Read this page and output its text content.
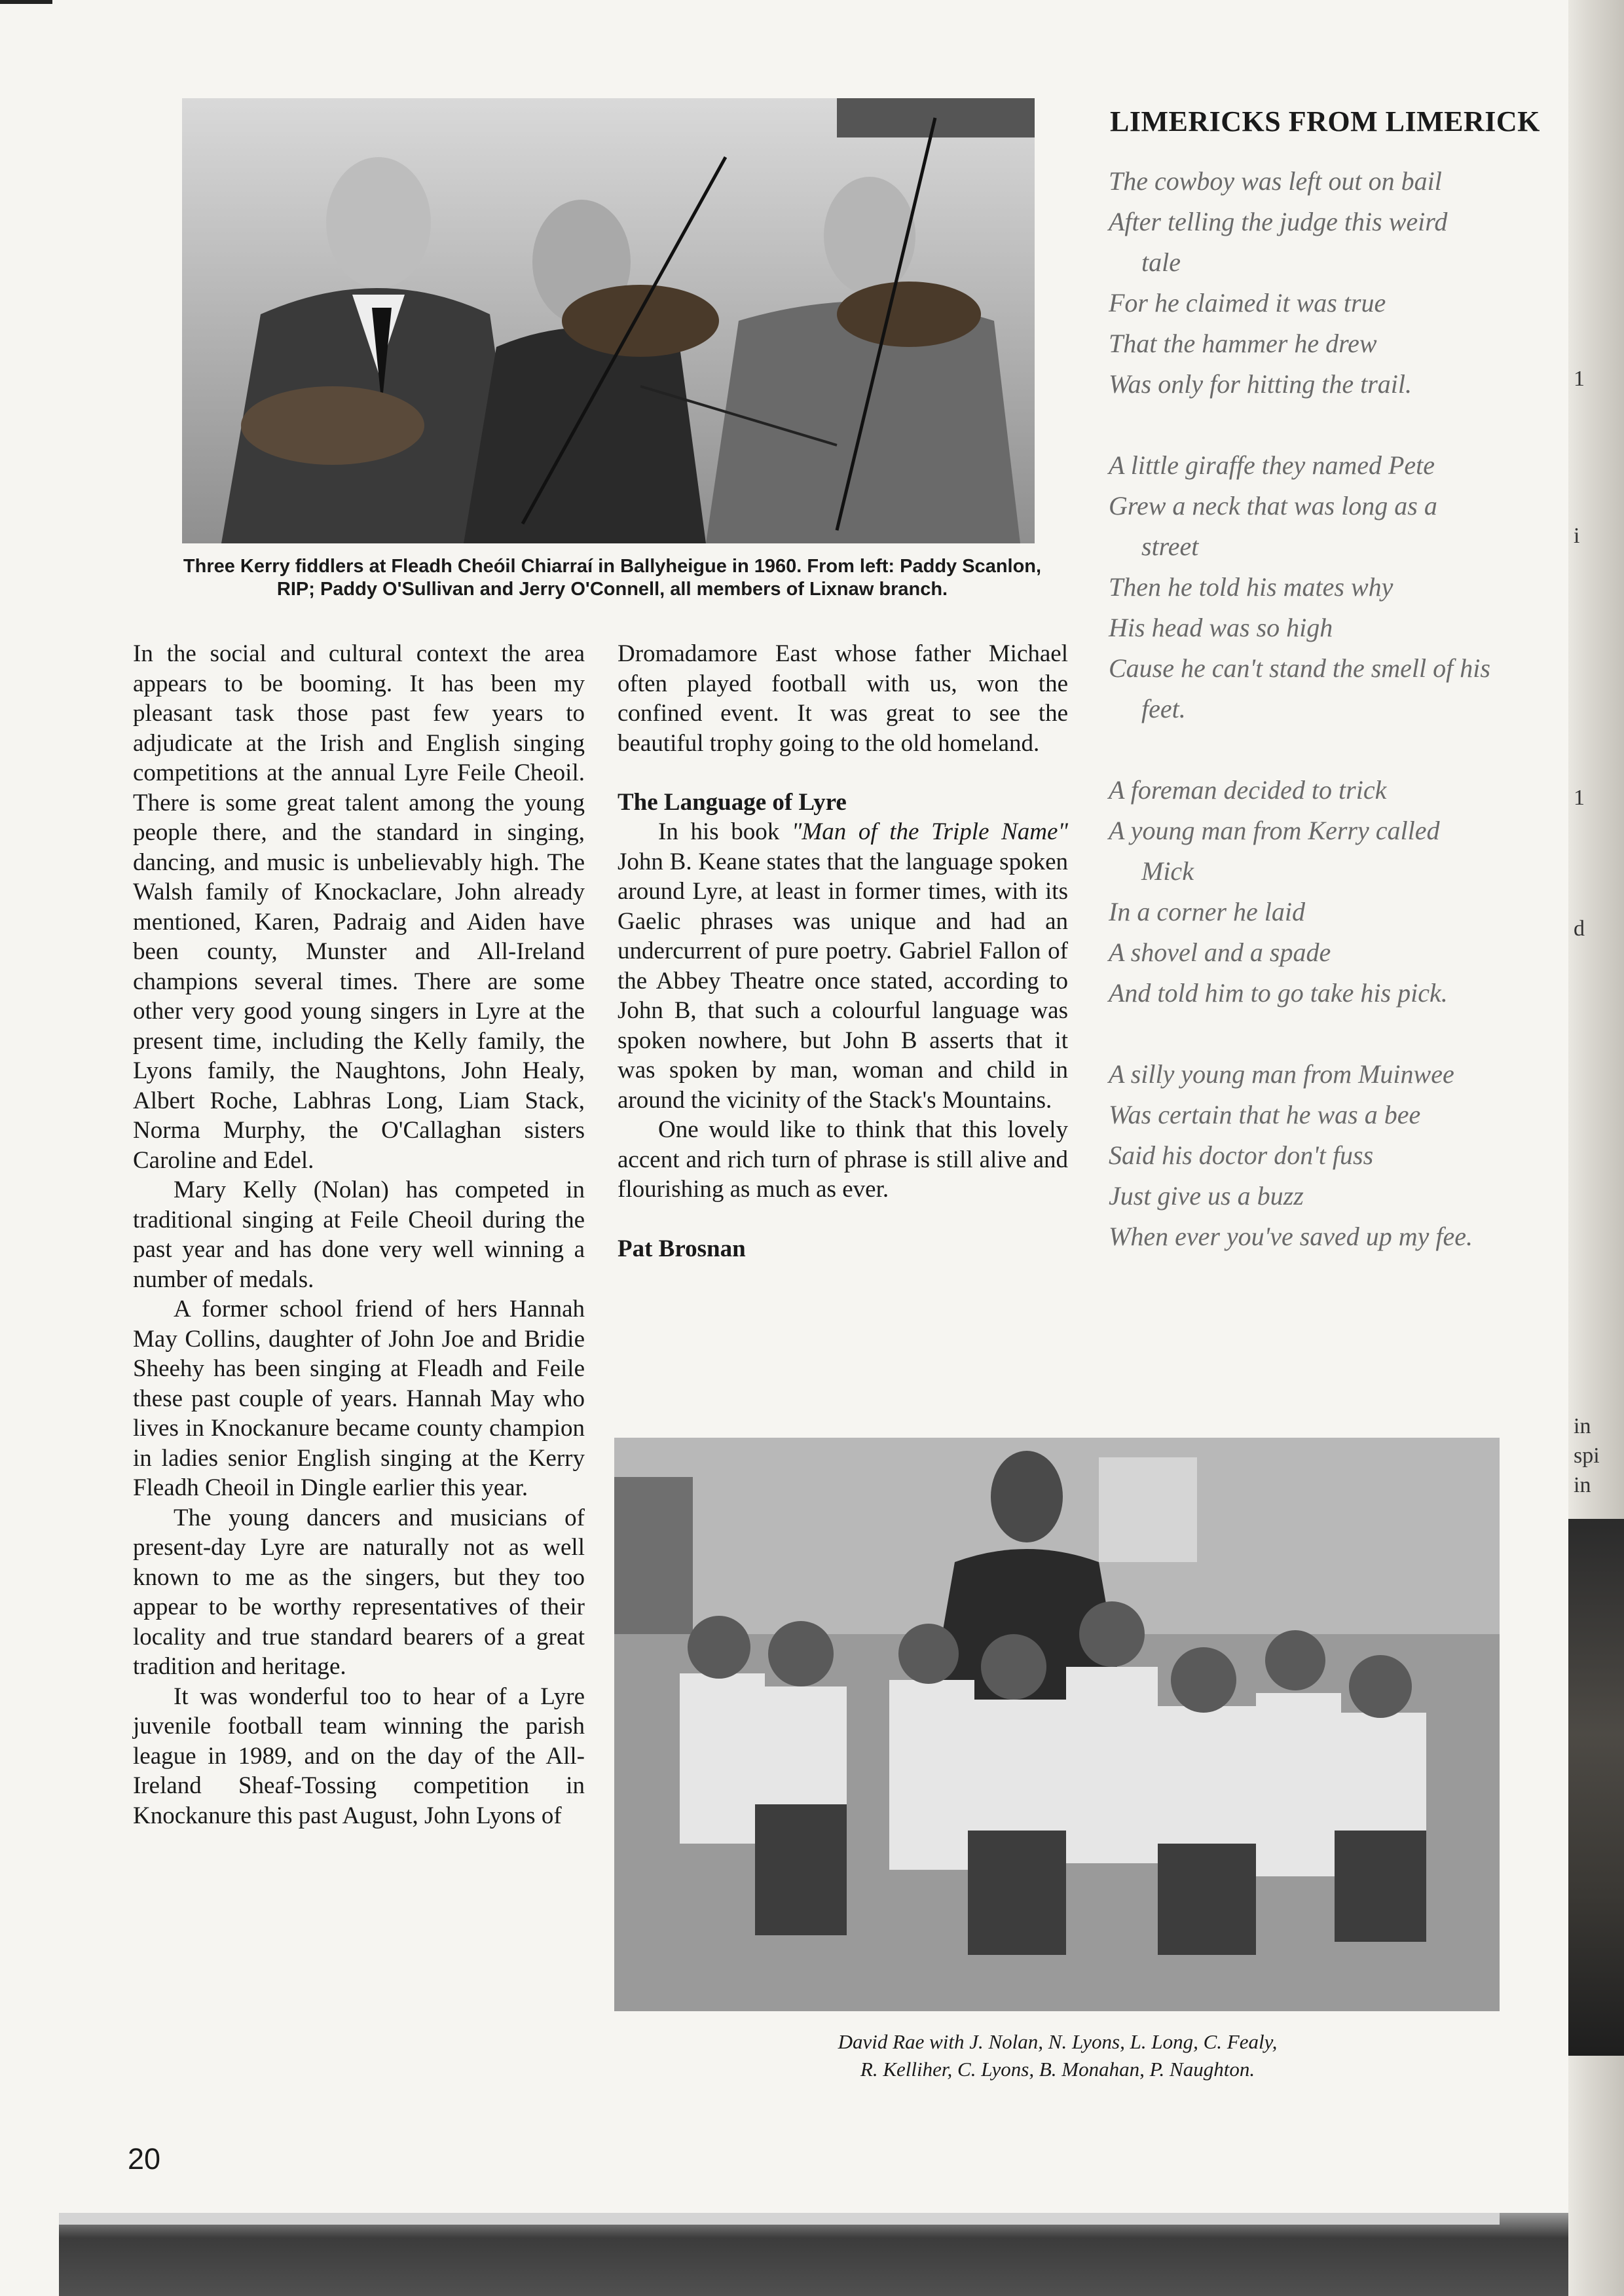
1
i
1
d
in
spi
in
Three Kerry fiddlers at Fleadh Cheóil Chiarraí in Ballyheigue in 1960. From left: Paddy Scanlon, RIP; Paddy O'Sullivan and Jerry O'Connell, all members of Lixnaw branch.

In the social and cultural context the area appears to be booming. It has been my pleasant task those past few years to adjudicate at the Irish and English singing competitions at the annual Lyre Feile Cheoil. There is some great talent among the young people there, and the standard in singing, dancing, and music is unbelievably high. The Walsh family of Knockaclare, John already mentioned, Karen, Padraig and Aiden have been county, Munster and All-Ireland champions several times. There are some other very good young singers in Lyre at the present time, including the Kelly family, the Lyons family, the Naughtons, John Healy, Albert Roche, Labhras Long, Liam Stack, Norma Murphy, the O'Callaghan sisters Caroline and Edel.

Mary Kelly (Nolan) has competed in traditional singing at Feile Cheoil during the past year and has done very well winning a number of medals.

A former school friend of hers Hannah May Collins, daughter of John Joe and Bridie Sheehy has been singing at Fleadh and Feile these past couple of years. Hannah May who lives in Knockanure became county champion in ladies senior English singing at the Kerry Fleadh Cheoil in Dingle earlier this year.

The young dancers and musicians of present-day Lyre are naturally not as well known to me as the singers, but they too appear to be worthy representatives of their locality and true standard bearers of a great tradition and heritage.

It was wonderful too to hear of a Lyre juvenile football team winning the parish league in 1989, and on the day of the All-Ireland Sheaf-Tossing competition in Knockanure this past August, John Lyons of

Dromadamore East whose father Michael often played football with us, won the confined event. It was great to see the beautiful trophy going to the old homeland.

The Language of Lyre

In his book "Man of the Triple Name" John B. Keane states that the language spoken around Lyre, at least in former times, with its Gaelic phrases was unique and had an undercurrent of pure poetry. Gabriel Fallon of the Abbey Theatre once stated, according to John B, that such a colourful language was spoken nowhere, but John B asserts that it was spoken by man, woman and child in around the vicinity of the Stack's Mountains.

One would like to think that this lovely accent and rich turn of phrase is still alive and flourishing as much as ever.

Pat Brosnan

LIMERICKS FROM LIMERICK
The cowboy was left out on bail
After telling the judge this weird
tale
For he claimed it was true
That the hammer he drew
Was only for hitting the trail.
A little giraffe they named Pete
Grew a neck that was long as a
street
Then he told his mates why
His head was so high
Cause he can't stand the smell of his
feet.
A foreman decided to trick
A young man from Kerry called
Mick
In a corner he laid
A shovel and a spade
And told him to go take his pick.
A silly young man from Muinwee
Was certain that he was a bee
Said his doctor don't fuss
Just give us a buzz
When ever you've saved up my fee.
David Rae with J. Nolan, N. Lyons, L. Long, C. Fealy,
R. Kelliher, C. Lyons, B. Monahan, P. Naughton.
20
